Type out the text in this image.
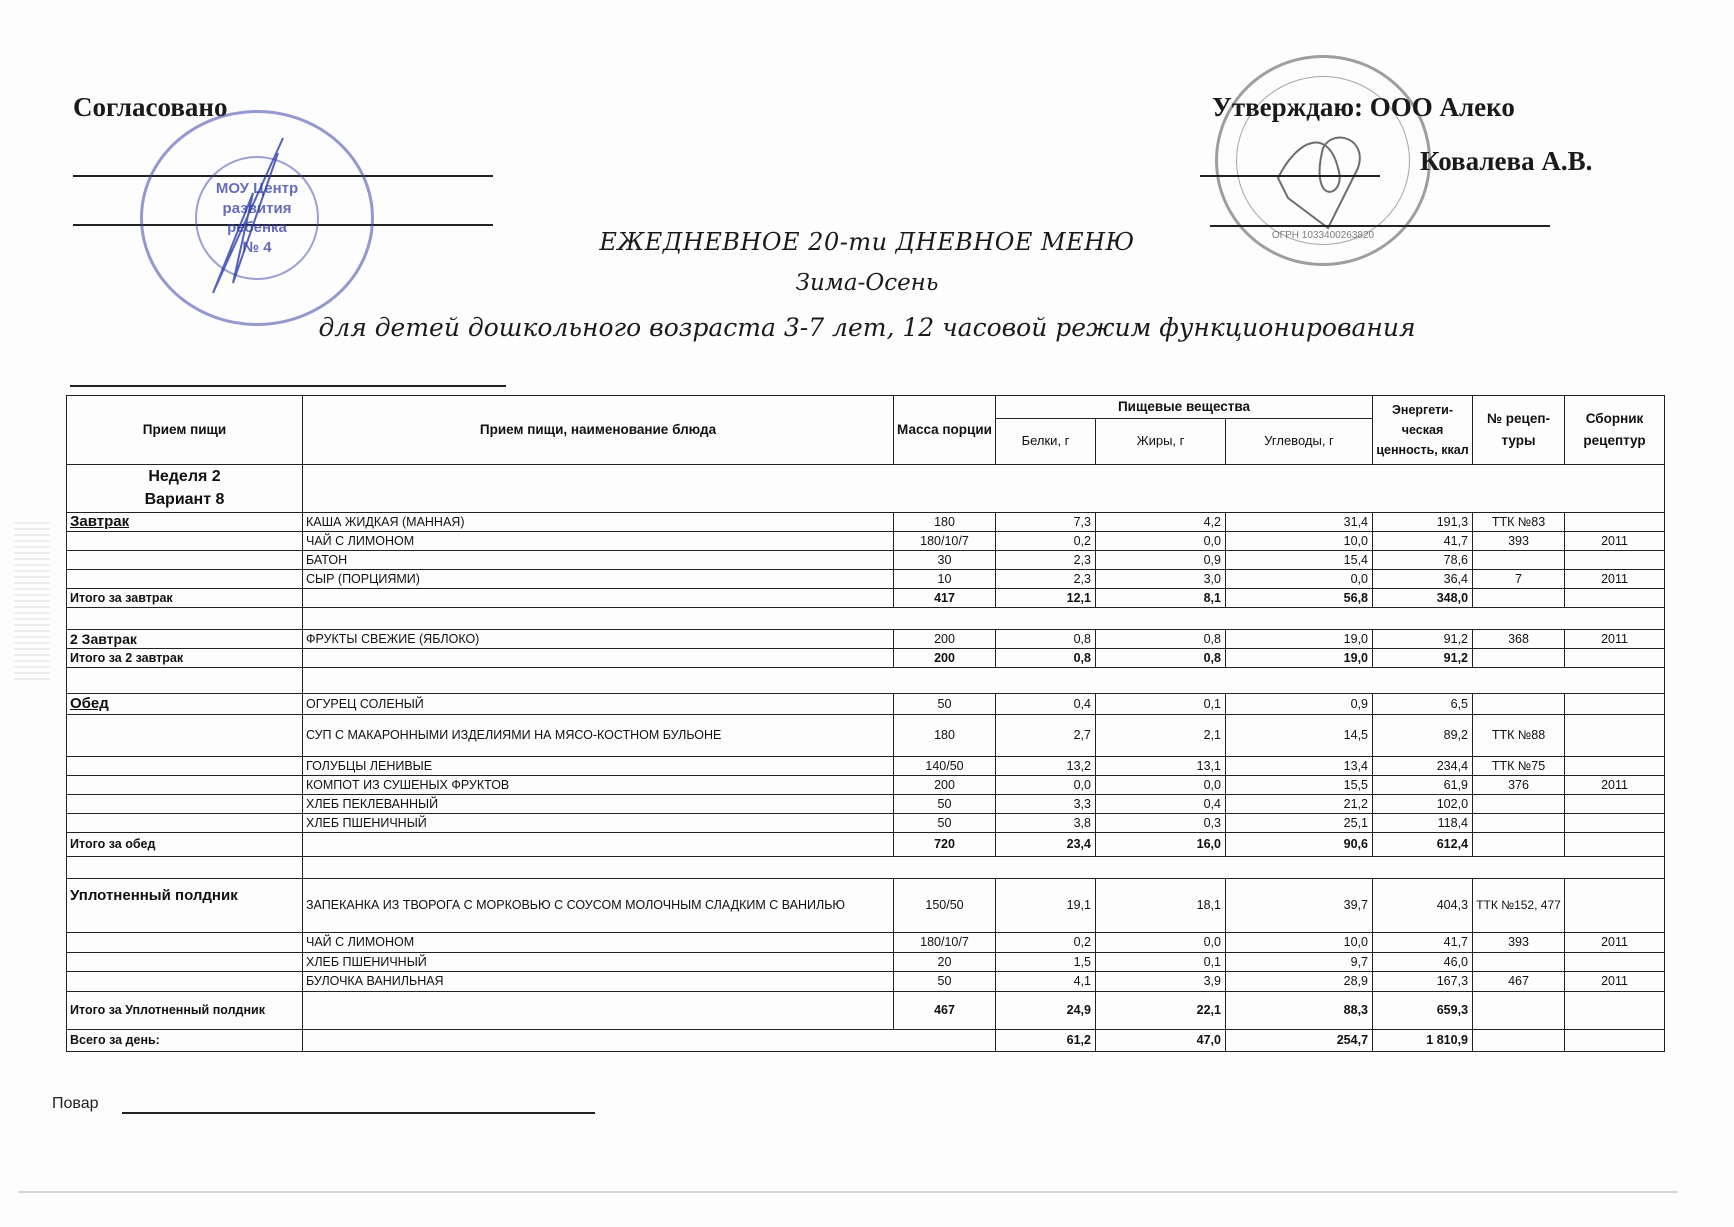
Согласовано
МОУ Центр
развития ребенка
№ 4
ОГРН 1033400263820
Утверждаю: ООО Алеко
Ковалева А.В.
ЕЖЕДНЕВНОЕ 20-ти ДНЕВНОЕ МЕНЮ
Зима-Осень
для детей дошкольного возраста 3-7 лет, 12 часовой режим функционирования
Прием пищи	Прием пищи, наименование блюда	Масса порции	Пищевые вещества			Энергети-ческая ценность, ккал	№ рецеп-туры	Сборник рецептур
			Белки, г	Жиры, г	Углеводы, г			

Неделя 2
Вариант 8								

Завтрак	КАША ЖИДКАЯ (МАННАЯ)	180	7,3	4,2	31,4	191,3	ТТК №83	
	ЧАЙ С ЛИМОНОМ	180/10/7	0,2	0,0	10,0	41,7	393	2011
	БАТОН	30	2,3	0,9	15,4	78,6		
	СЫР (ПОРЦИЯМИ)	10	2,3	3,0	0,0	36,4	7	2011
Итого за завтрак		417	12,1	8,1	56,8	348,0		

2 Завтрак	ФРУКТЫ СВЕЖИЕ (ЯБЛОКО)	200	0,8	0,8	19,0	91,2	368	2011
Итого за 2 завтрак		200	0,8	0,8	19,0	91,2		

Обед	ОГУРЕЦ СОЛЕНЫЙ	50	0,4	0,1	0,9	6,5		
	СУП С МАКАРОННЫМИ ИЗДЕЛИЯМИ НА МЯСО-КОСТНОМ БУЛЬОНЕ	180	2,7	2,1	14,5	89,2	ТТК №88	
	ГОЛУБЦЫ ЛЕНИВЫЕ	140/50	13,2	13,1	13,4	234,4	ТТК №75	
	КОМПОТ ИЗ СУШЕНЫХ ФРУКТОВ	200	0,0	0,0	15,5	61,9	376	2011
	ХЛЕБ ПЕКЛЕВАННЫЙ	50	3,3	0,4	21,2	102,0		
	ХЛЕБ ПШЕНИЧНЫЙ	50	3,8	0,3	25,1	118,4		
Итого за обед		720	23,4	16,0	90,6	612,4		

Уплотненный полдник	ЗАПЕКАНКА ИЗ ТВОРОГА С МОРКОВЬЮ С СОУСОМ МОЛОЧНЫМ СЛАДКИМ С ВАНИЛЬЮ	150/50	19,1	18,1	39,7	404,3	ТТК №152, 477	
	ЧАЙ С ЛИМОНОМ	180/10/7	0,2	0,0	10,0	41,7	393	2011
	ХЛЕБ ПШЕНИЧНЫЙ	20	1,5	0,1	9,7	46,0		
	БУЛОЧКА ВАНИЛЬНАЯ	50	4,1	3,9	28,9	167,3	467	2011
Итого за Уплотненный полдник		467	24,9	22,1	88,3	659,3		
Всего за день:			61,2	47,0	254,7	1 810,9		
Повар
